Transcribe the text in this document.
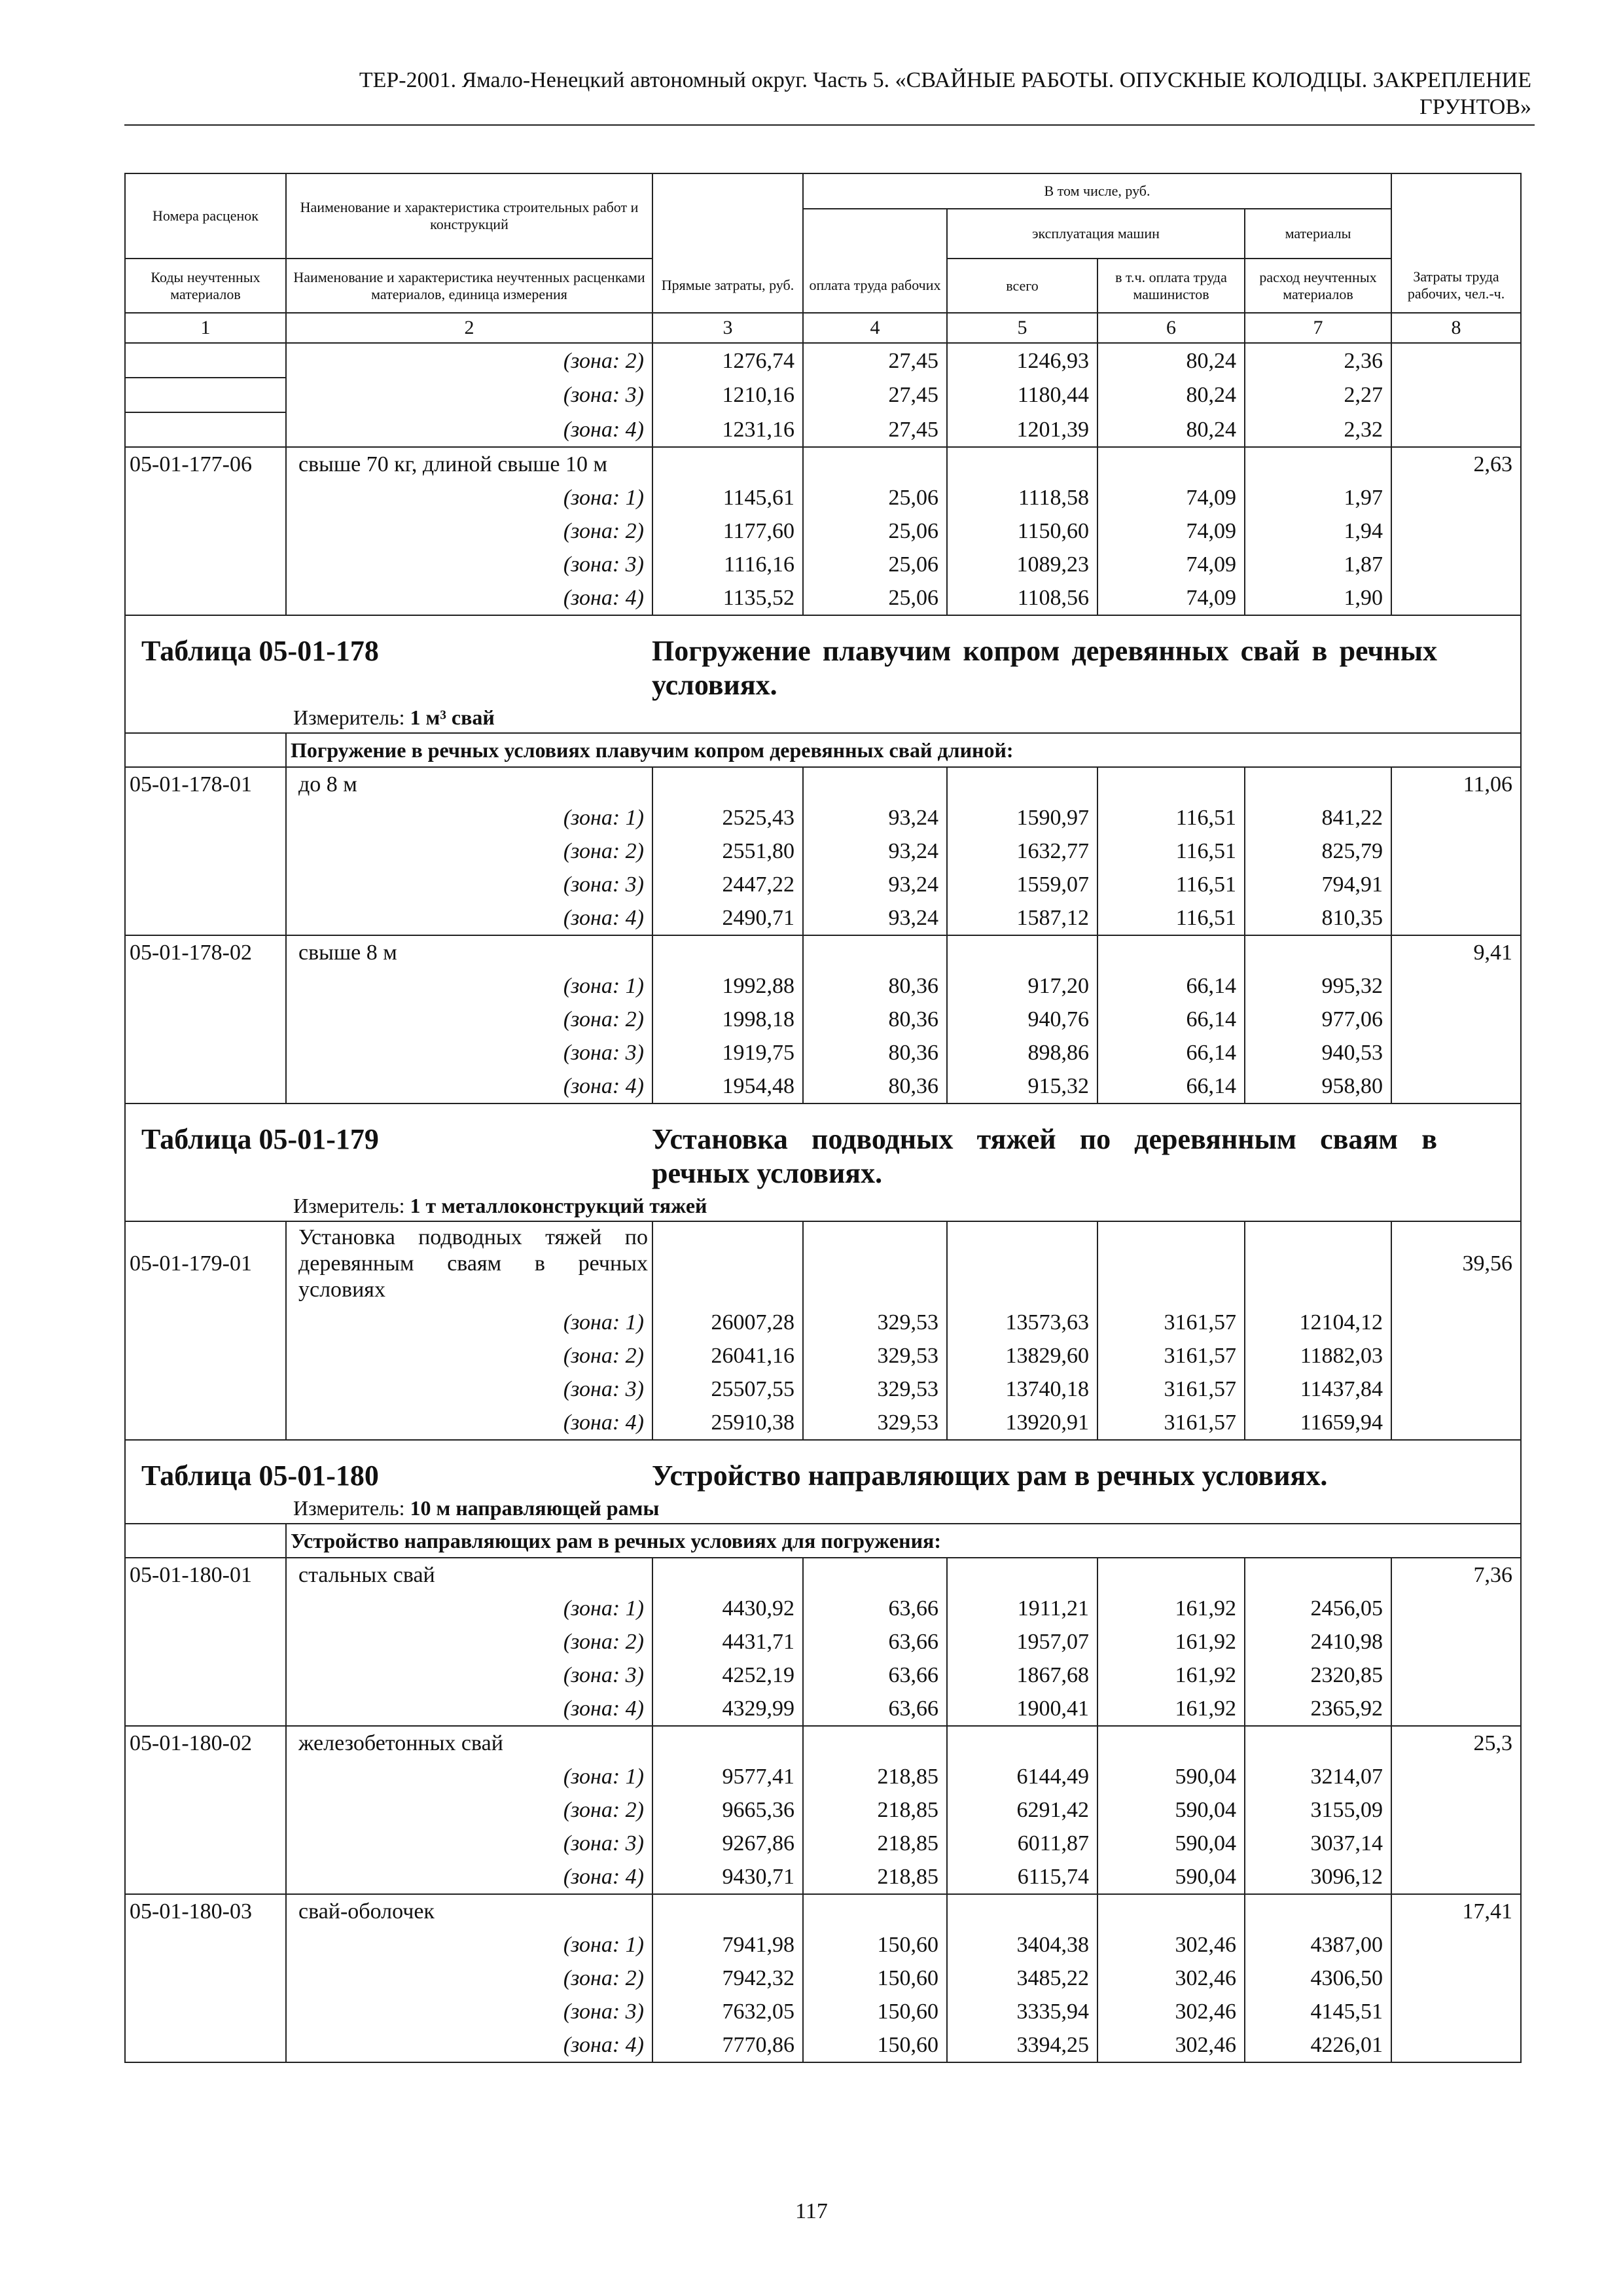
ТЕР-2001. Ямало-Ненецкий автономный округ. Часть 5. «СВАЙНЫЕ РАБОТЫ. ОПУСКНЫЕ КОЛОДЦЫ. ЗАКРЕПЛЕНИЕ
ГРУНТОВ»
Номера расценок	Наименование и характеристика строительных работ и конструкций		В том числе, руб.				
				эксплуатация машин		материалы	
Коды неучтенных материалов	Наименование и характеристика неучтенных расценками материалов, единица измерения	Прямые затраты, руб.	оплата труда рабочих	всего	в т.ч. оплата труда машинистов	расход неучтенных материалов	Затраты труда рабочих, чел.-ч.
1	2	3	4	5	6	7	8
	(зона: 2)	1276,74	27,45	1246,93	80,24	2,36	
	(зона: 3)	1210,16	27,45	1180,44	80,24	2,27	
	(зона: 4)	1231,16	27,45	1201,39	80,24	2,32	
05-01-177-06	свыше 70 кг, длиной свыше 10 м						2,63
	(зона: 1)	1145,61	25,06	1118,58	74,09	1,97	
	(зона: 2)	1177,60	25,06	1150,60	74,09	1,94	
	(зона: 3)	1116,16	25,06	1089,23	74,09	1,87	
	(зона: 4)	1135,52	25,06	1108,56	74,09	1,90	

Таблица 05-01-178 Погружение плавучим копром деревянных свай в речных условиях.							

Измеритель: 1 м³ свай							

	Погружение в речных условиях плавучим копром деревянных свай длиной:						
05-01-178-01	до 8 м						11,06
	(зона: 1)	2525,43	93,24	1590,97	116,51	841,22	
	(зона: 2)	2551,80	93,24	1632,77	116,51	825,79	
	(зона: 3)	2447,22	93,24	1559,07	116,51	794,91	
	(зона: 4)	2490,71	93,24	1587,12	116,51	810,35	
05-01-178-02	свыше 8 м						9,41
	(зона: 1)	1992,88	80,36	917,20	66,14	995,32	
	(зона: 2)	1998,18	80,36	940,76	66,14	977,06	
	(зона: 3)	1919,75	80,36	898,86	66,14	940,53	
	(зона: 4)	1954,48	80,36	915,32	66,14	958,80	

Таблица 05-01-179 Установка подводных тяжей по деревянным сваям в речных условиях.							

Измеритель: 1 т металлоконструкций тяжей							

05-01-179-01	Установка подводных тяжей по деревянным сваям в речных условиях						39,56
	(зона: 1)	26007,28	329,53	13573,63	3161,57	12104,12	
	(зона: 2)	26041,16	329,53	13829,60	3161,57	11882,03	
	(зона: 3)	25507,55	329,53	13740,18	3161,57	11437,84	
	(зона: 4)	25910,38	329,53	13920,91	3161,57	11659,94	

Таблица 05-01-180 Устройство направляющих рам в речных условиях.							

Измеритель: 10 м направляющей рамы							

	Устройство направляющих рам в речных условиях для погружения:						
05-01-180-01	стальных свай						7,36
	(зона: 1)	4430,92	63,66	1911,21	161,92	2456,05	
	(зона: 2)	4431,71	63,66	1957,07	161,92	2410,98	
	(зона: 3)	4252,19	63,66	1867,68	161,92	2320,85	
	(зона: 4)	4329,99	63,66	1900,41	161,92	2365,92	
05-01-180-02	железобетонных свай						25,3
	(зона: 1)	9577,41	218,85	6144,49	590,04	3214,07	
	(зона: 2)	9665,36	218,85	6291,42	590,04	3155,09	
	(зона: 3)	9267,86	218,85	6011,87	590,04	3037,14	
	(зона: 4)	9430,71	218,85	6115,74	590,04	3096,12	
05-01-180-03	свай-оболочек						17,41
	(зона: 1)	7941,98	150,60	3404,38	302,46	4387,00	
	(зона: 2)	7942,32	150,60	3485,22	302,46	4306,50	
	(зона: 3)	7632,05	150,60	3335,94	302,46	4145,51	
	(зона: 4)	7770,86	150,60	3394,25	302,46	4226,01	
117
